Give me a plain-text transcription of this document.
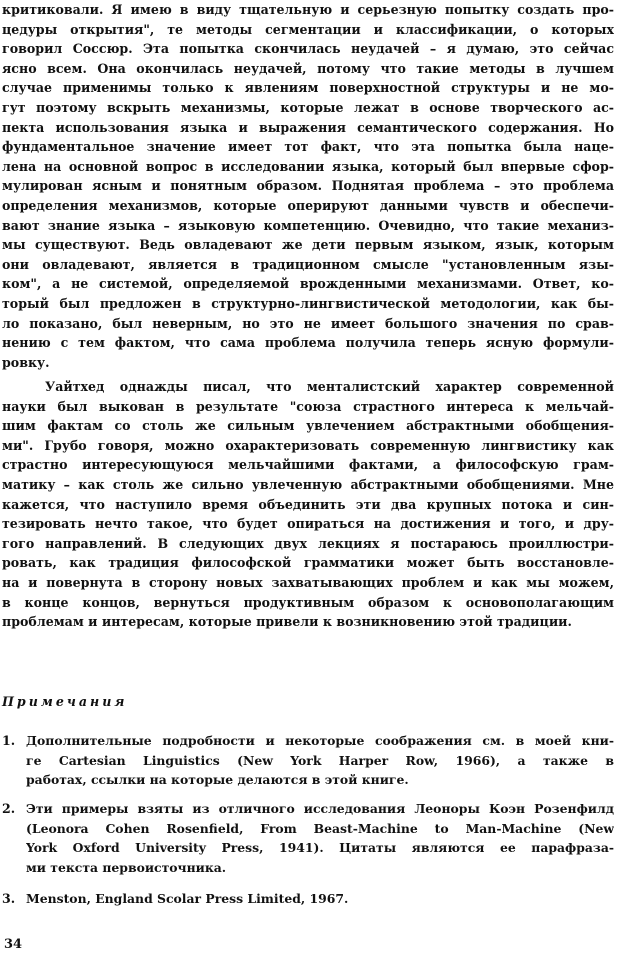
критиковали. Я имею в виду тщательную и серьезную попытку создать про-
цедуры открытия", те методы сегментации и классификации, о которых
говорил Соссюр. Эта попытка скончилась неудачей – я думаю, это сейчас
ясно всем. Она окончилась неудачей, потому что такие методы в лучшем
случае применимы только к явлениям поверхностной структуры и не мо-
гут поэтому вскрыть механизмы, которые лежат в основе творческого ас-
пекта использования языка и выражения семантического содержания. Но
фундаментальное значение имеет тот факт, что эта попытка была наце-
лена на основной вопрос в исследовании языка, который был впервые сфор-
мулирован ясным и понятным образом. Поднятая проблема – это проблема
определения механизмов, которые оперируют данными чувств и обеспечи-
вают знание языка – языковую компетенцию. Очевидно, что такие механиз-
мы существуют. Ведь овладевают же дети первым языком, язык, которым
они овладевают, является в традиционном смысле "установленным язы-
ком", а не системой, определяемой врожденными механизмами. Ответ, ко-
торый был предложен в структурно-лингвистической методологии, как бы-
ло показано, был неверным, но это не имеет большого значения по срав-
нению с тем фактом, что сама проблема получила теперь ясную формули-
ровку.
Уайтхед однажды писал, что менталистский характер современной
науки был выкован в результате "союза страстного интереса к мельчай-
шим фактам со столь же сильным увлечением абстрактными обобщения-
ми". Грубо говоря, можно охарактеризовать современную лингвистику как
страстно интересующуюся мельчайшими фактами, а философскую грам-
матику – как столь же сильно увлеченную абстрактными обобщениями. Мне
кажется, что наступило время объединить эти два крупных потока и син-
тезировать нечто такое, что будет опираться на достижения и того, и дру-
гого направлений. В следующих двух лекциях я постараюсь проиллюстри-
ровать, как традиция философской грамматики может быть восстановле-
на и повернута в сторону новых захватывающих проблем и как мы можем,
в конце концов, вернуться продуктивным образом к основополагающим
проблемам и интересам, которые привели к возникновению этой традиции.
Примечания
1. Дополнительные подробности и некоторые соображения см. в моей кни-
ге Cartesian Linguistics (New York Harper Row, 1966), а также в
работах, ссылки на которые делаются в этой книге.
2. Эти примеры взяты из отличного исследования Леоноры Коэн Розенфилд
(Leonora Cohen Rosenfield, From Beast-Machine to Man-Machine (New
York Oxford University Press, 1941). Цитаты являются ее парафраза-
ми текста первоисточника.
3. Menston, England Scolar Press Limited, 1967.
34
